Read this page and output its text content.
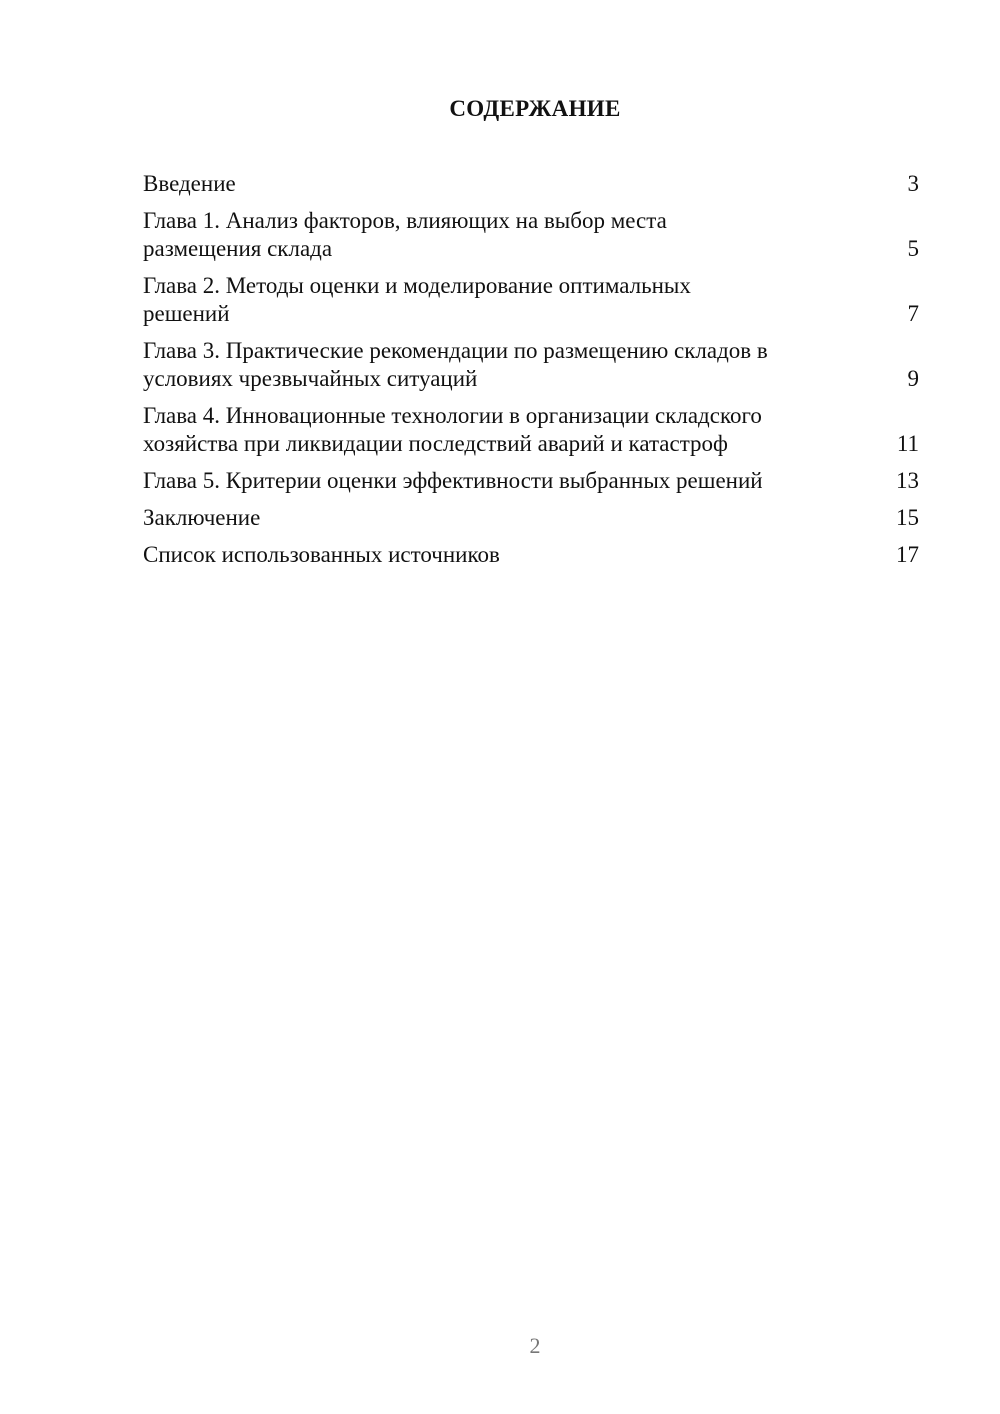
СОДЕРЖАНИЕ
Введение	3
Глава 1. Анализ факторов, влияющих на выбор места
размещения склада	5
Глава 2. Методы оценки и моделирование оптимальных
решений	7
Глава 3. Практические рекомендации по размещению складов в
условиях чрезвычайных ситуаций	9
Глава 4. Инновационные технологии в организации складского
хозяйства при ликвидации последствий аварий и катастроф	11
Глава 5. Критерии оценки эффективности выбранных решений	13
Заключение	15
Список использованных источников	17
2
